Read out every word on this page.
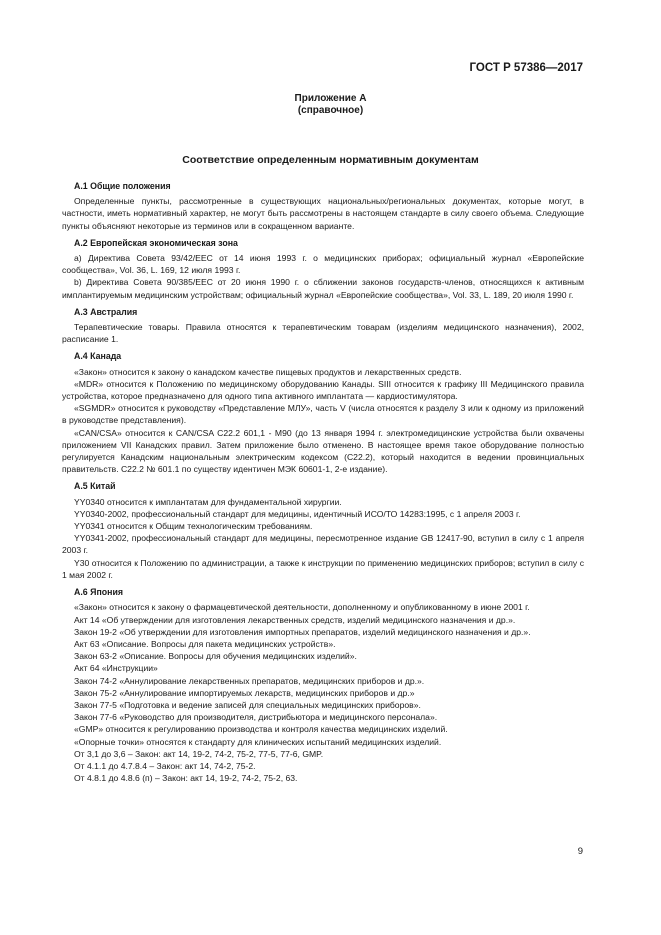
ГОСТ Р 57386—2017
Приложение А
(справочное)
Соответствие определенным нормативным документам
А.1 Общие положения

Определенные пункты, рассмотренные в существующих национальных/региональных документах, которые могут, в частности, иметь нормативный характер, не могут быть рассмотрены в настоящем стандарте в силу своего объема. Следующие пункты объясняют некоторые из терминов или в сокращенном варианте.

А.2 Европейская экономическая зона

а) Директива Совета 93/42/EEC от 14 июня 1993 г. о медицинских приборах; официальный журнал «Европейские сообщества», Vol. 36, L. 169, 12 июля 1993 г.

b) Директива Совета 90/385/EEC от 20 июня 1990 г. о сближении законов государств-членов, относящихся к активным имплантируемым медицинским устройствам; официальный журнал «Европейские сообщества», Vol. 33, L. 189, 20 июля 1990 г.

А.3 Австралия

Терапевтические товары. Правила относятся к терапевтическим товарам (изделиям медицинского назначения), 2002, расписание 1.

А.4 Канада

«Закон» относится к закону о канадском качестве пищевых продуктов и лекарственных средств.

«MDR» относится к Положению по медицинскому оборудованию Канады. SIII относится к графику III Медицинского правила устройства, которое предназначено для одного типа активного имплантата — кардиостимулятора.

«SGMDR» относится к руководству «Представление МЛУ», часть V (числа относятся к разделу 3 или к одному из приложений в руководстве представления).

«CAN/CSA» относится к CAN/CSA C22.2 601,1 - M90 (до 13 января 1994 г. электромедицинские устройства были охвачены приложением VII Канадских правил. Затем приложение было отменено. В настоящее время такое оборудование полностью регулируется Канадским национальным электрическим кодексом (C22.2), который находится в ведении провинциальных правительств. C22.2 № 601.1 по существу идентичен МЭК 60601-1, 2-е издание).

А.5 Китай

YY0340 относится к имплантатам для фундаментальной хирургии.

YY0340-2002, профессиональный стандарт для медицины, идентичный ИСО/ТО 14283:1995, с 1 апреля 2003 г.

YY0341 относится к Общим технологическим требованиям.

YY0341-2002, профессиональный стандарт для медицины, пересмотренное издание GB 12417-90, вступил в силу с 1 апреля 2003 г.

Y30 относится к Положению по администрации, а также к инструкции по применению медицинских приборов; вступил в силу с 1 мая 2002 г.

А.6 Япония

«Закон» относится к закону о фармацевтической деятельности, дополненному и опубликованному в июне 2001 г.

Акт 14 «Об утверждении для изготовления лекарственных средств, изделий медицинского назначения и др.».

Закон 19-2 «Об утверждении для изготовления импортных препаратов, изделий медицинского назначения и др.».

Акт 63 «Описание. Вопросы для пакета медицинских устройств».

Закон 63-2 «Описание. Вопросы для обучения медицинских изделий».

Акт 64 «Инструкции»

Закон 74-2 «Аннулирование лекарственных препаратов, медицинских приборов и др.».

Закон 75-2 «Аннулирование импортируемых лекарств, медицинских приборов и др.»

Закон 77-5 «Подготовка и ведение записей для специальных медицинских приборов».

Закон 77-6 «Руководство для производителя, дистрибьютора и медицинского персонала».

«GMP» относится к регулированию производства и контроля качества медицинских изделий.

«Опорные точки» относятся к стандарту для клинических испытаний медицинских изделий.

От 3,1 до 3,6 – Закон: акт 14, 19-2, 74-2, 75-2, 77-5, 77-6, GMP.

От 4.1.1 до 4.7.8.4 – Закон: акт 14, 74-2, 75-2.

От 4.8.1 до 4.8.6 (п) – Закон: акт 14, 19-2, 74-2, 75-2, 63.

9
